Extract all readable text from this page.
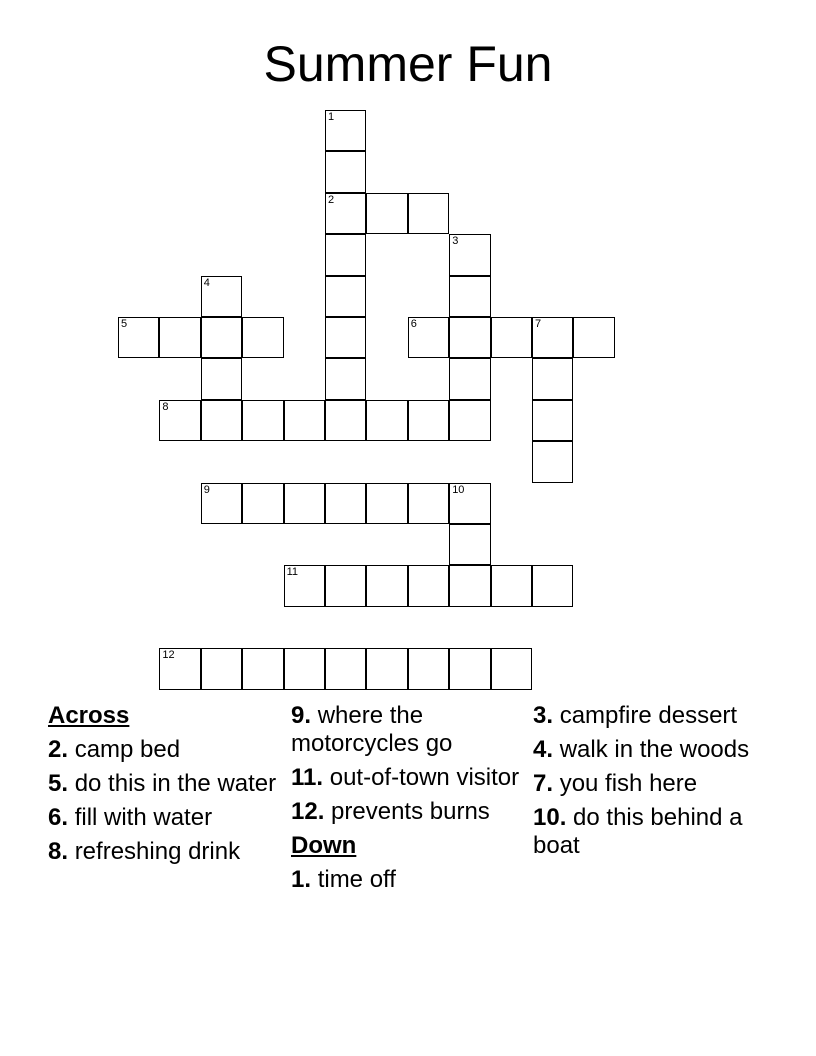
Summer Fun
1
2
3
4
5	6	7
8
9	10
11
12
Across
2. camp bed
5. do this in the water
6. fill with water
8. refreshing drink
9. where the motorcycles go
11. out-of-town visitor
12. prevents burns
Down
1. time off
3. campfire dessert
4. walk in the woods
7. you fish here
10. do this behind a boat
